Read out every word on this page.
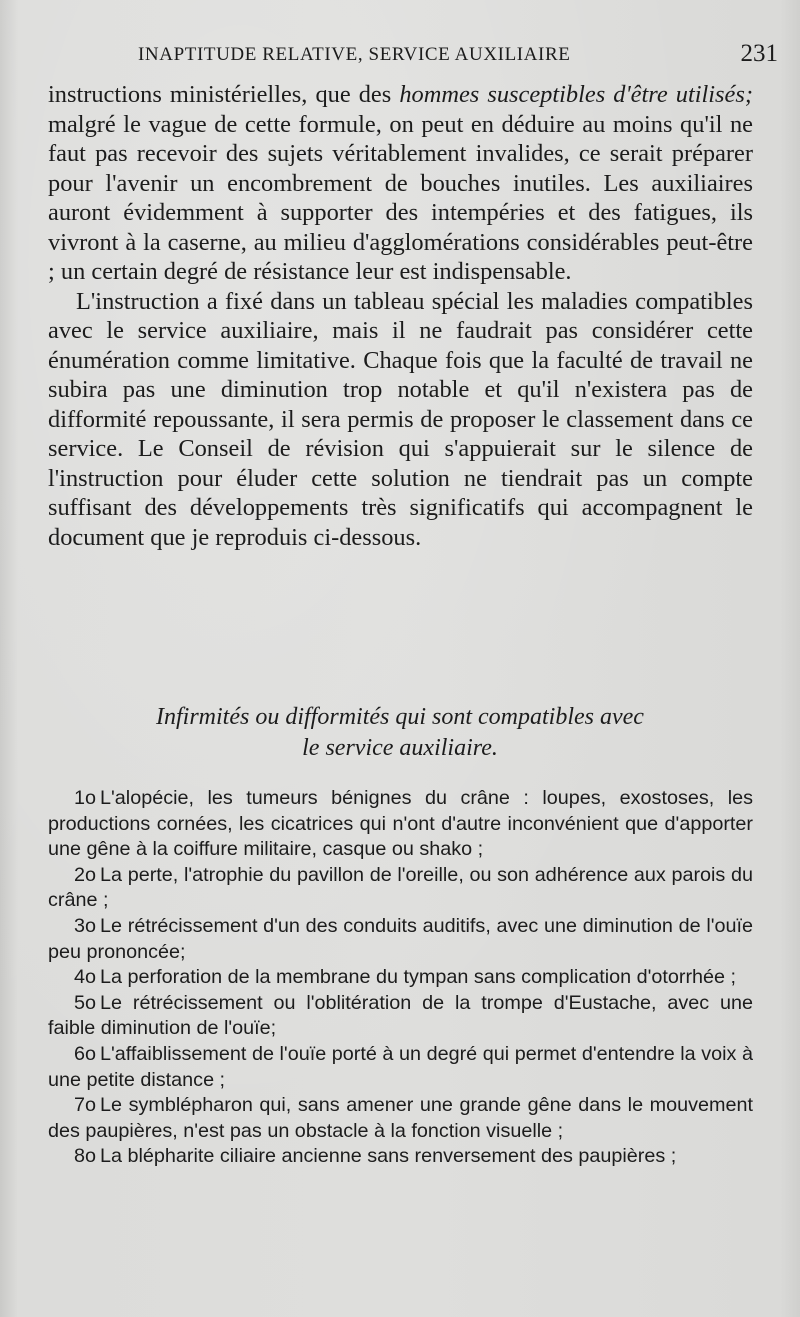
INAPTITUDE RELATIVE, SERVICE AUXILIAIRE	231

instructions ministérielles, que des hommes susceptibles d'être utilisés; malgré le vague de cette formule, on peut en déduire au moins qu'il ne faut pas recevoir des sujets véritablement invalides, ce serait préparer pour l'avenir un encombrement de bouches inutiles. Les auxiliaires auront évidemment à supporter des intempéries et des fatigues, ils vivront à la caserne, au milieu d'agglomérations considérables peut-être ; un certain degré de résistance leur est indispensable.

L'instruction a fixé dans un tableau spécial les maladies compatibles avec le service auxiliaire, mais il ne faudrait pas considérer cette énumération comme limitative. Chaque fois que la faculté de travail ne subira pas une diminution trop notable et qu'il n'existera pas de difformité repoussante, il sera permis de proposer le classement dans ce service. Le Conseil de révision qui s'appuierait sur le silence de l'instruction pour éluder cette solution ne tiendrait pas un compte suffisant des développements très significatifs qui accompagnent le document que je reproduis ci-dessous.

Infirmités ou difformités qui sont compatibles avec
le service auxiliaire.
1o L'alopécie, les tumeurs bénignes du crâne : loupes, exostoses, les productions cornées, les cicatrices qui n'ont d'autre inconvénient que d'apporter une gêne à la coiffure militaire, casque ou shako ;
2o La perte, l'atrophie du pavillon de l'oreille, ou son adhérence aux parois du crâne ;
3o Le rétrécissement d'un des conduits auditifs, avec une diminution de l'ouïe peu prononcée;
4o La perforation de la membrane du tympan sans complication d'otorrhée ;
5o Le rétrécissement ou l'oblitération de la trompe d'Eustache, avec une faible diminution de l'ouïe;
6o L'affaiblissement de l'ouïe porté à un degré qui permet d'entendre la voix à une petite distance ;
7o Le symblépharon qui, sans amener une grande gêne dans le mouvement des paupières, n'est pas un obstacle à la fonction visuelle ;
8o La blépharite ciliaire ancienne sans renversement des paupières ;
